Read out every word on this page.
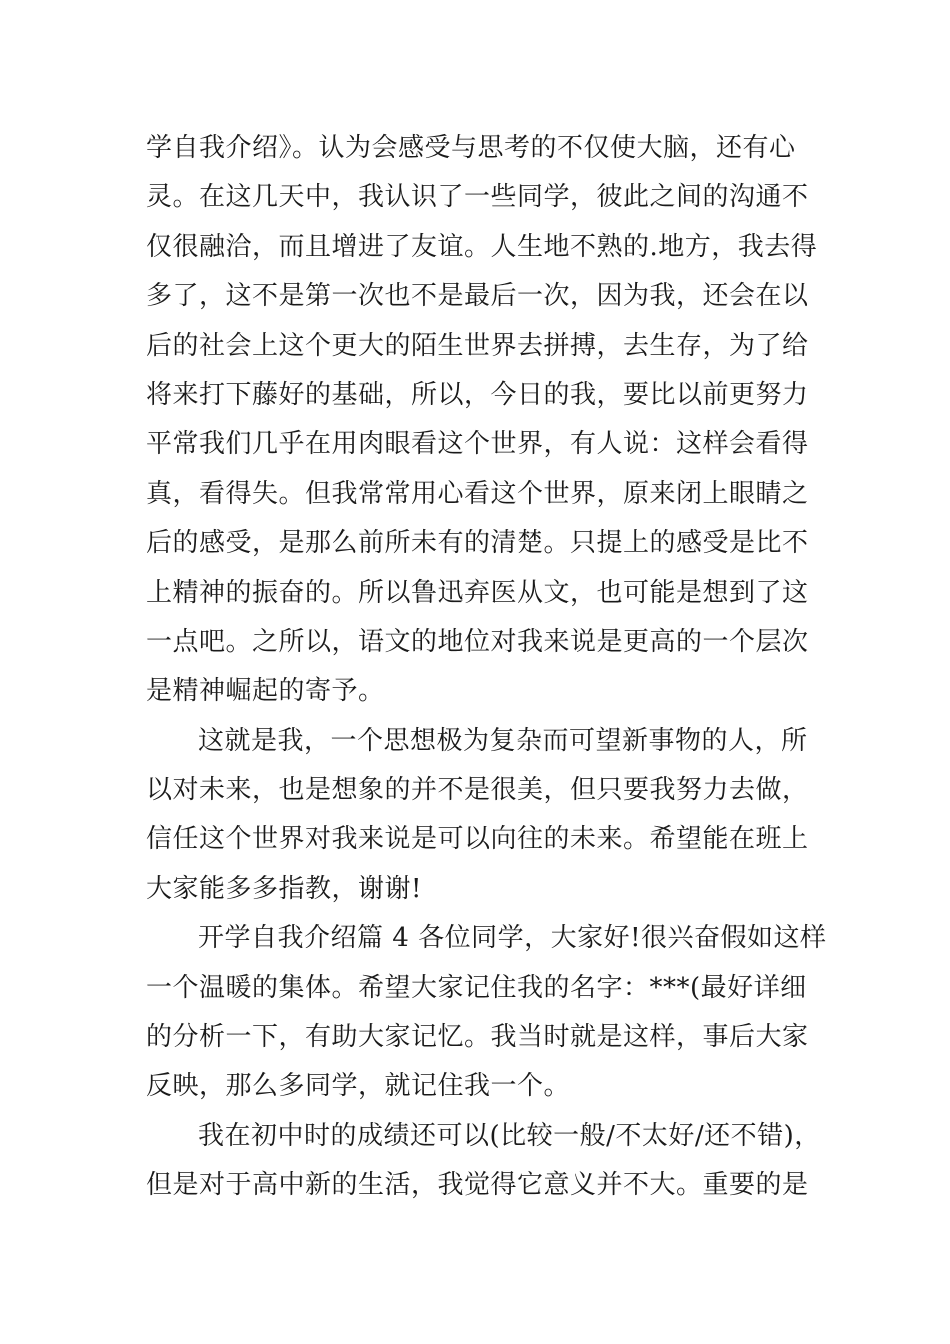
学自我介绍》。认为会感受与思考的不仅使大脑，还有心
灵。在这几天中，我认识了一些同学，彼此之间的沟通不
仅很融洽，而且增进了友谊。人生地不熟的.地方，我去得
多了，这不是第一次也不是最后一次，因为我，还会在以
后的社会上这个更大的陌生世界去拼搏，去生存，为了给
将来打下藤好的基础，所以，今日的我，要比以前更努力
平常我们几乎在用肉眼看这个世界，有人说：这样会看得
真，看得失。但我常常用心看这个世界，原来闭上眼睛之
后的感受，是那么前所未有的清楚。只提上的感受是比不
上精神的振奋的。所以鲁迅弃医从文，也可能是想到了这
一点吧。之所以，语文的地位对我来说是更高的一个层次
是精神崛起的寄予。
这就是我，一个思想极为复杂而可望新事物的人，所
以对未来，也是想象的并不是很美，但只要我努力去做，
信任这个世界对我来说是可以向往的未来。希望能在班上
大家能多多指教，谢谢!
开学自我介绍篇 4 各位同学，大家好!很兴奋假如这样
一个温暖的集体。希望大家记住我的名字：***(最好详细
的分析一下，有助大家记忆。我当时就是这样，事后大家
反映，那么多同学，就记住我一个。
我在初中时的成绩还可以(比较一般/不太好/还不错)，
但是对于高中新的生活，我觉得它意义并不大。重要的是
